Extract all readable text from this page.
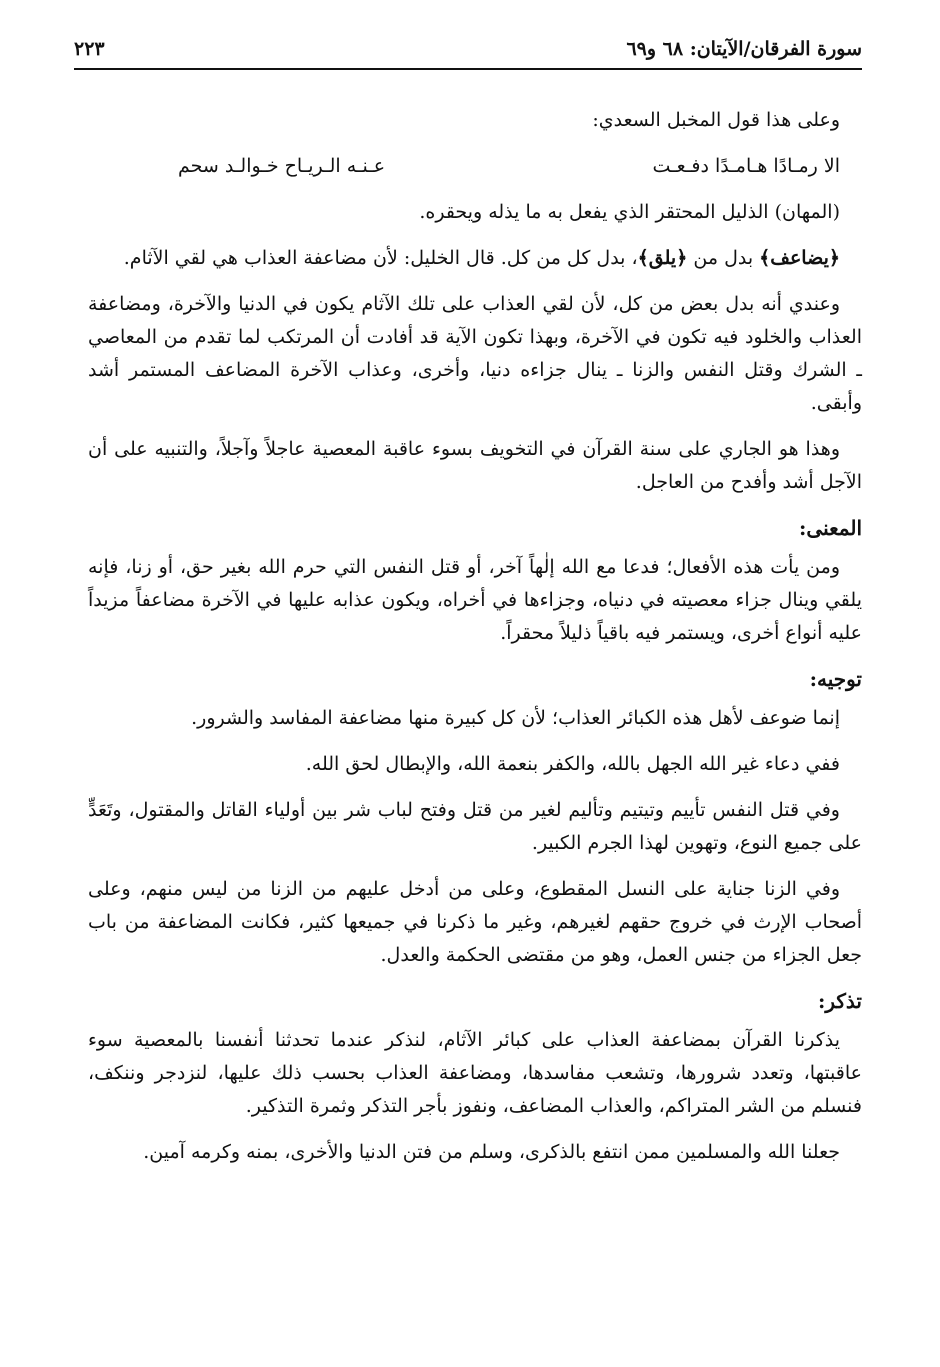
سورة الفرقان/الآيتان: ٦٨ و٦٩
٢٢٣

وعلى هذا قول المخبل السعدي:

الا رمـادًا هـامـدًا دفـعـت
عـنـه الـريـاح خـوالـد سحم

(المهان) الذليل المحتقر الذي يفعل به ما يذله ويحقره.

﴿يضاعف﴾ بدل من ﴿يلق﴾، بدل كل من كل. قال الخليل: لأن مضاعفة العذاب هي لقي الآثام.

وعندي أنه بدل بعض من كل، لأن لقي العذاب على تلك الآثام يكون في الدنيا والآخرة، ومضاعفة العذاب والخلود فيه تكون في الآخرة، وبهذا تكون الآية قد أفادت أن المرتكب لما تقدم من المعاصي ـ الشرك وقتل النفس والزنا ـ ينال جزاءه دنيا، وأخرى، وعذاب الآخرة المضاعف المستمر أشد وأبقى.

وهذا هو الجاري على سنة القرآن في التخويف بسوء عاقبة المعصية عاجلاً وآجلاً، والتنبيه على أن الآجل أشد وأفدح من العاجل.

المعنى:

ومن يأت هذه الأفعال؛ فدعا مع الله إلٰهاً آخر، أو قتل النفس التي حرم الله بغير حق، أو زنا، فإنه يلقي وينال جزاء معصيته في دنياه، وجزاءها في أخراه، ويكون عذابه عليها في الآخرة مضاعفاً مزيداً عليه أنواع أخرى، ويستمر فيه باقياً ذليلاً محقراً.

توجيه:

إنما ضوعف لأهل هذه الكبائر العذاب؛ لأن كل كبيرة منها مضاعفة المفاسد والشرور.

ففي دعاء غير الله الجهل بالله، والكفر بنعمة الله، والإبطال لحق الله.

وفي قتل النفس تأييم وتيتيم وتأليم لغير من قتل وفتح لباب شر بين أولياء القاتل والمقتول، وتَعَدٍّ على جميع النوع، وتهوين لهذا الجرم الكبير.

وفي الزنا جناية على النسل المقطوع، وعلى من أدخل عليهم من الزنا من ليس منهم، وعلى أصحاب الإرث في خروج حقهم لغيرهم، وغير ما ذكرنا في جميعها كثير، فكانت المضاعفة من باب جعل الجزاء من جنس العمل، وهو من مقتضى الحكمة والعدل.

تذكر:

يذكرنا القرآن بمضاعفة العذاب على كبائر الآثام، لنذكر عندما تحدثنا أنفسنا بالمعصية سوء عاقبتها، وتعدد شرورها، وتشعب مفاسدها، ومضاعفة العذاب بحسب ذلك عليها، لنزدجر وننكف، فنسلم من الشر المتراكم، والعذاب المضاعف، ونفوز بأجر التذكر وثمرة التذكير.

جعلنا الله والمسلمين ممن انتفع بالذكرى، وسلم من فتن الدنيا والأخرى، بمنه وكرمه آمين.
